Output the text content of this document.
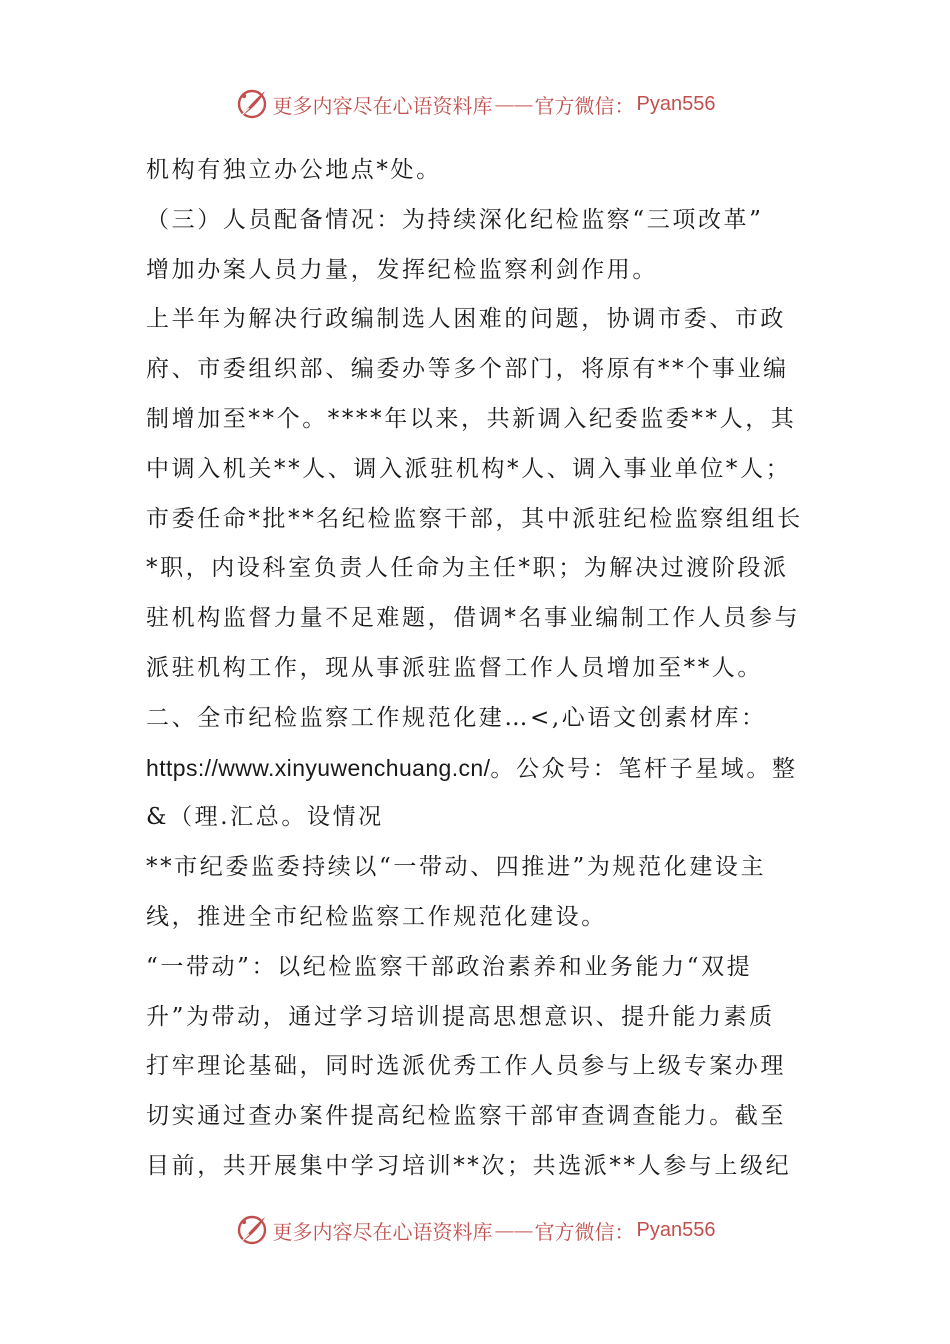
更多内容尽在心语资料库 —— 官方微信： Pyan556
机构有独立办公地点*处。
（三）人员配备情况：为持续深化纪检监察“三项改革”
增加办案人员力量，发挥纪检监察利剑作用。
上半年为解决行政编制选人困难的问题，协调市委、市政
府、市委组织部、编委办等多个部门，将原有**个事业编
制增加至**个。****年以来，共新调入纪委监委**人，其
中调入机关**人、调入派驻机构*人、调入事业单位*人；
市委任命*批**名纪检监察干部，其中派驻纪检监察组组长
*职，内设科室负责人任命为主任*职；为解决过渡阶段派
驻机构监督力量不足难题，借调*名事业编制工作人员参与
派驻机构工作，现从事派驻监督工作人员增加至**人。
二、全市纪检监察工作规范化建…<,心语文创素材库：
https://www.xinyuwenchuang.cn/。公众号：笔杆子星域。整
&（理.汇总。设情况
**市纪委监委持续以“一带动、四推进”为规范化建设主
线，推进全市纪检监察工作规范化建设。
“一带动”：以纪检监察干部政治素养和业务能力“双提
升”为带动，通过学习培训提高思想意识、提升能力素质
打牢理论基础，同时选派优秀工作人员参与上级专案办理
切实通过查办案件提高纪检监察干部审查调查能力。截至
目前，共开展集中学习培训**次；共选派**人参与上级纪
更多内容尽在心语资料库 —— 官方微信： Pyan556
